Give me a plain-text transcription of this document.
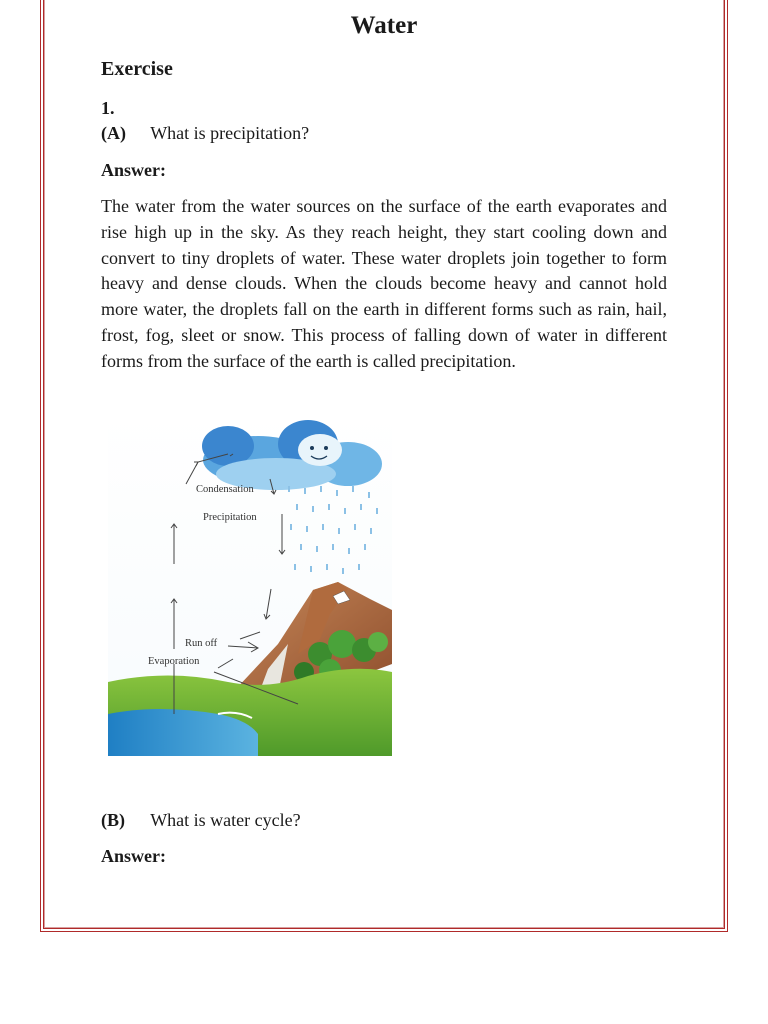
Water
Exercise
1.
(A) What is precipitation?
Answer:
The water from the water sources on the surface of the earth evaporates and rise high up in the sky. As they reach height, they start cooling down and convert to tiny droplets of water. These water droplets join together to form heavy and dense clouds. When the clouds become heavy and cannot hold more water, the droplets fall on the earth in different forms such as rain, hail, frost, fog, sleet or snow. This process of falling down of water in different forms from the surface of the earth is called precipitation.
Condensation
Precipitation
Run off
Evaporation
(B) What is water cycle?
Answer:
